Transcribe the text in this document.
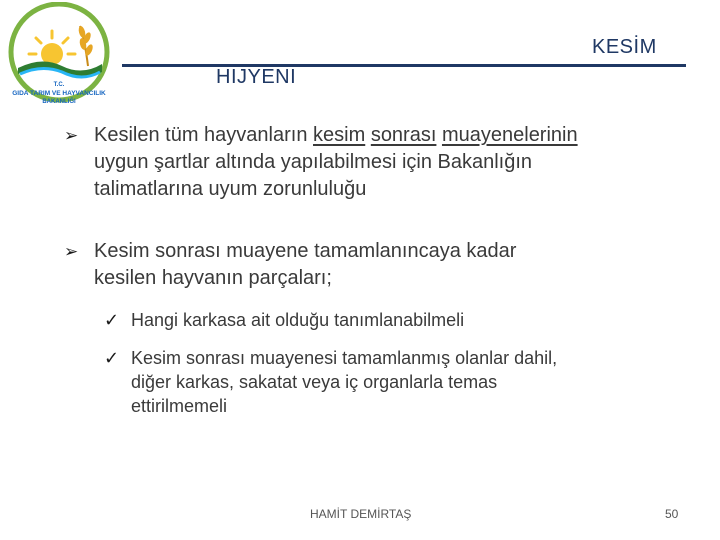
T.C.
GIDA TARIM VE HAYVANCILIK
BAKANLIĞI
KESİM
HİJYENİ
➢ Kesilen tüm hayvanların kesim sonrası muayenelerinin
uygun şartlar altında yapılabilmesi için Bakanlığın
talimatlarına uyum zorunluluğu
➢ Kesim sonrası muayene tamamlanıncaya kadar
kesilen hayvanın parçaları;
✓ Hangi karkasa ait olduğu tanımlanabilmeli
✓ Kesim sonrası muayenesi tamamlanmış olanlar dahil,
diğer karkas, sakatat veya iç organlarla temas
ettirilmemeli
HAMİT DEMİRTAŞ	50
